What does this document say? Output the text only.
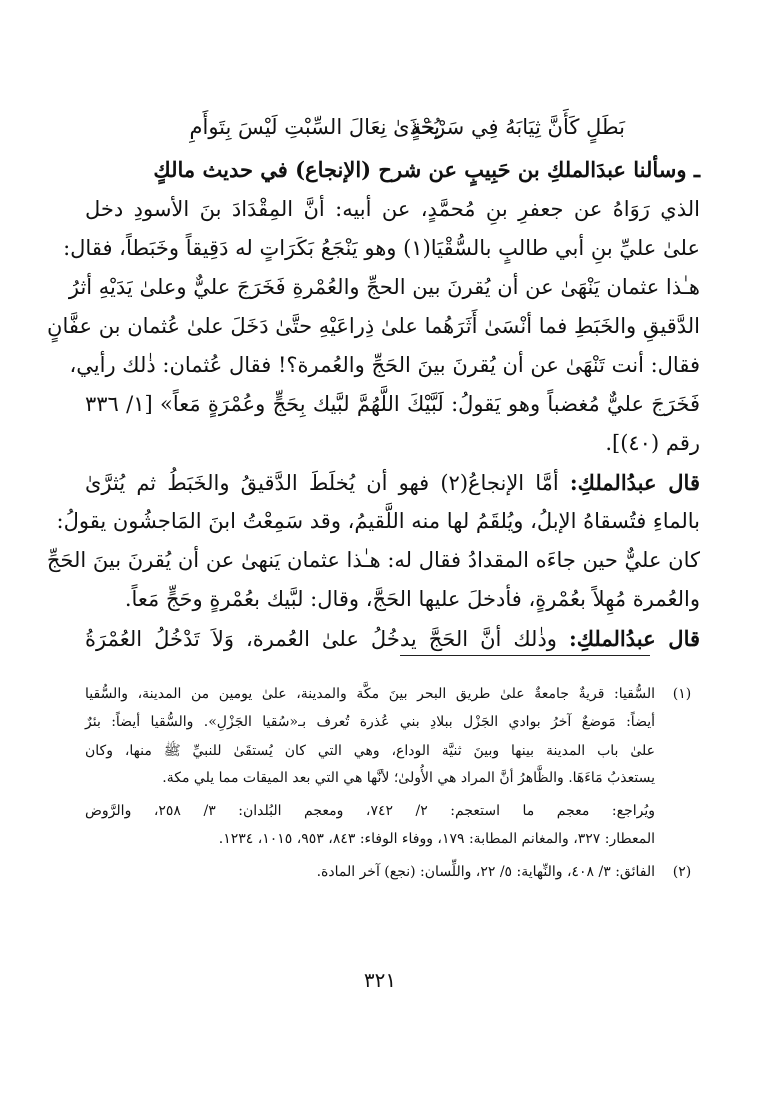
بَطَلٍ كَأَنَّ ثِيَابَهُ فِي سَرْحَةٍ
يُحْذَىٰ نِعَالَ السِّبْتِ لَيْسَ بِتَوأَمِ
ـ وسألنا عبدَالملكِ بن حَبِيبٍ عن شرح (الإنجاع) في حديث مالكٍ
الذي رَوَاهُ عن جعفرِ بنِ مُحمَّدٍ، عن أبيه: أنَّ المِقْدَادَ بنَ الأسودِ دخل
علىٰ عليِّ بنِ أبي طالبٍ بالسُّقْيَا(١) وهو يَنْجَعُ بَكَرَاتٍ له دَقِيقاً وخَبَطاً، فقال:
هـٰذا عثمان يَنْهَىٰ عن أن يُقرنَ بين الحجِّ والعُمْرةِ فَخَرَجَ عليٌّ وعلىٰ يَدَيْهِ أثرُ
الدَّقيقِ والخَبَطِ فما أنْسَىٰ أَثَرَهُما علىٰ ذِراعَيْهِ حتَّىٰ دَخَلَ علىٰ عُثمان بن عفَّانٍ
فقال: أنت تَنْهَىٰ عن أن يُقرنَ بينَ الحَجِّ والعُمرة؟! فقال عُثمان: ذٰلك رأيي،
فَخَرَجَ عليٌّ مُغضباً وهو يَقولُ: لَبَّيْكَ اللَّهُمَّ لبَّيك بِحَجٍّ وعُمْرَةٍ مَعاً» [١/ ٣٣٦
رقم (٤٠)].
قال عبدُالملكِ: أمَّا الإنجاعُ(٢) فهو أن يُخلَطَ الدَّقيقُ والخَبَطُ ثم يُثرَّىٰ
بالماءِ فتُسقاهُ الإبلُ، ويُلقَمُ لها منه اللَّقيمُ، وقد سَمِعْتُ ابنَ المَاجشُون يقولُ:
كان عليٌّ حين جاءَه المقدادُ فقال له: هـٰذا عثمان يَنهىٰ عن أن يُقرنَ بينَ الحَجِّ
والعُمرة مُهِلاً بعُمْرةٍ، فأدخلَ عليها الحَجَّ، وقال: لبَّيك بعُمْرةٍ وحَجٍّ مَعاً.
قال عبدُالملكِ: وذٰلك أنَّ الحَجَّ يدخُلُ علىٰ العُمرة، وَلاَ تَدْخُلُ العُمْرَةُ
(١)
السُّقيا: قريةٌ جامعةٌ علىٰ طريق البحر بينَ مكَّة والمدينة، علىٰ يومين من المدينة، والسُّقيا
أيضاً: مَوضعٌ آخرُ بوادي الجَزْل ببلادِ بني عُذرة تُعرف بـ«سُقيا الجَزْلِ». والسُّقيا أيضاً: بئرٌ
علىٰ باب المدينة بينها وبينَ ثنيَّة الوداع، وهي التي كان يُستقَىٰ للنبيِّ ﷺ منها، وكان
يستعذبُ مَاءَهَا. والظَّاهرُ أنَّ المراد هي الأُولىٰ؛ لأنَّها هي التي بعد الميقات مما يلي مكة.
ويُراجع: معجم ما استعجم: ٢/ ٧٤٢، ومعجم البُلدان: ٣/ ٢٥٨، والرَّوض
المعطار: ٣٢٧، والمغانم المطابة: ١٧٩، ووفاء الوفاء: ٨٤٣، ٩٥٣، ١٠١٥، ١٢٣٤.
(٢)
الفائق: ٣/ ٤٠٨، والنِّهاية: ٥/ ٢٢، واللِّسان: (نجع) آخر المادة.
٣٢١
